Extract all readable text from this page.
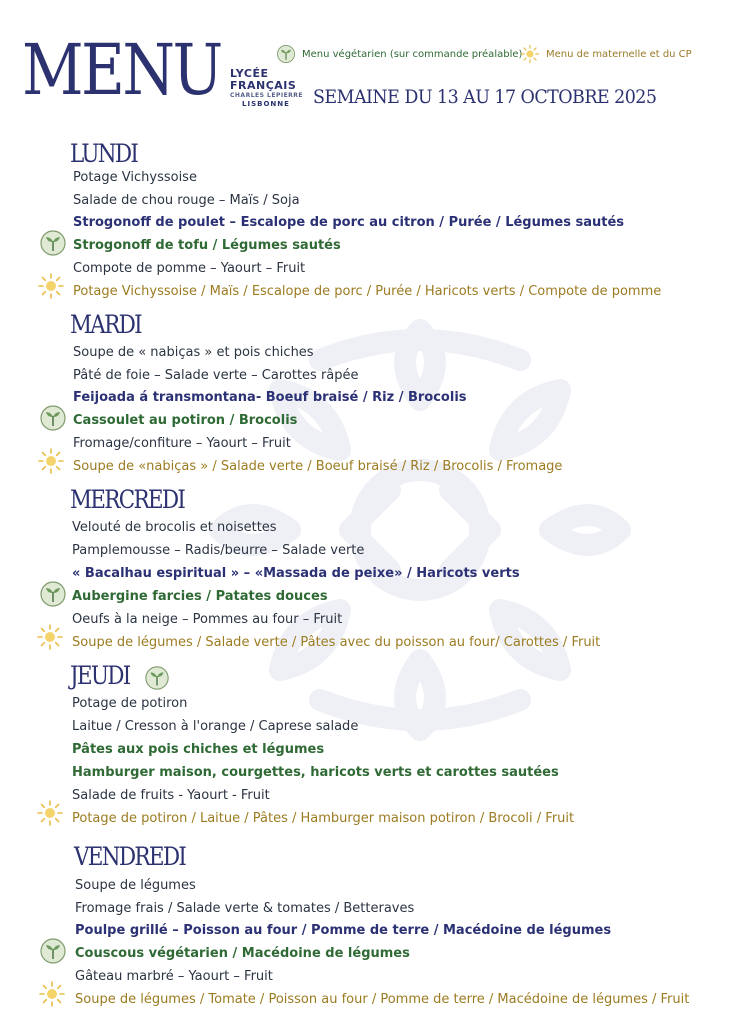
MENU LYCÉE
FRANÇAIS
CHARLES LEPIERRE
LISBONNE	SEMAINE DU 13 AU 17 OCTOBRE 2025
Menu végétarien (sur commande préalable) Menu de maternelle et du CP
LUNDI
Potage Vichyssoise
Salade de chou rouge – Maïs / Soja
Strogonoff de poulet – Escalope de porc au citron / Purée / Légumes sautés
Strogonoff de tofu / Légumes sautés
Compote de pomme – Yaourt – Fruit
Potage Vichyssoise / Maïs / Escalope de porc / Purée / Haricots verts / Compote de pomme
MARDI
Soupe de « nabiças » et pois chiches
Pâté de foie – Salade verte – Carottes râpée
Feijoada á transmontana- Boeuf braisé / Riz / Brocolis
Cassoulet au potiron / Brocolis
Fromage/confiture – Yaourt – Fruit
Soupe de «nabiças » / Salade verte / Boeuf braisé / Riz / Brocolis / Fromage
MERCREDI
Velouté de brocolis et noisettes
Pamplemousse – Radis/beurre – Salade verte
« Bacalhau espiritual » – «Massada de peixe» / Haricots verts
Aubergine farcies / Patates douces
Oeufs à la neige – Pommes au four – Fruit
Soupe de légumes / Salade verte / Pâtes avec du poisson au four/ Carottes / Fruit
JEUDI
Potage de potiron
Laitue / Cresson à l'orange / Caprese salade
Pâtes aux pois chiches et légumes
Hamburger maison, courgettes, haricots verts et carottes sautées
Salade de fruits - Yaourt - Fruit
Potage de potiron / Laitue / Pâtes / Hamburger maison potiron / Brocoli / Fruit
VENDREDI
Soupe de légumes
Fromage frais / Salade verte & tomates / Betteraves
Poulpe grillé – Poisson au four / Pomme de terre / Macédoine de légumes
Couscous végétarien / Macédoine de légumes
Gâteau marbré – Yaourt – Fruit
Soupe de légumes / Tomate / Poisson au four / Pomme de terre / Macédoine de légumes / Fruit
